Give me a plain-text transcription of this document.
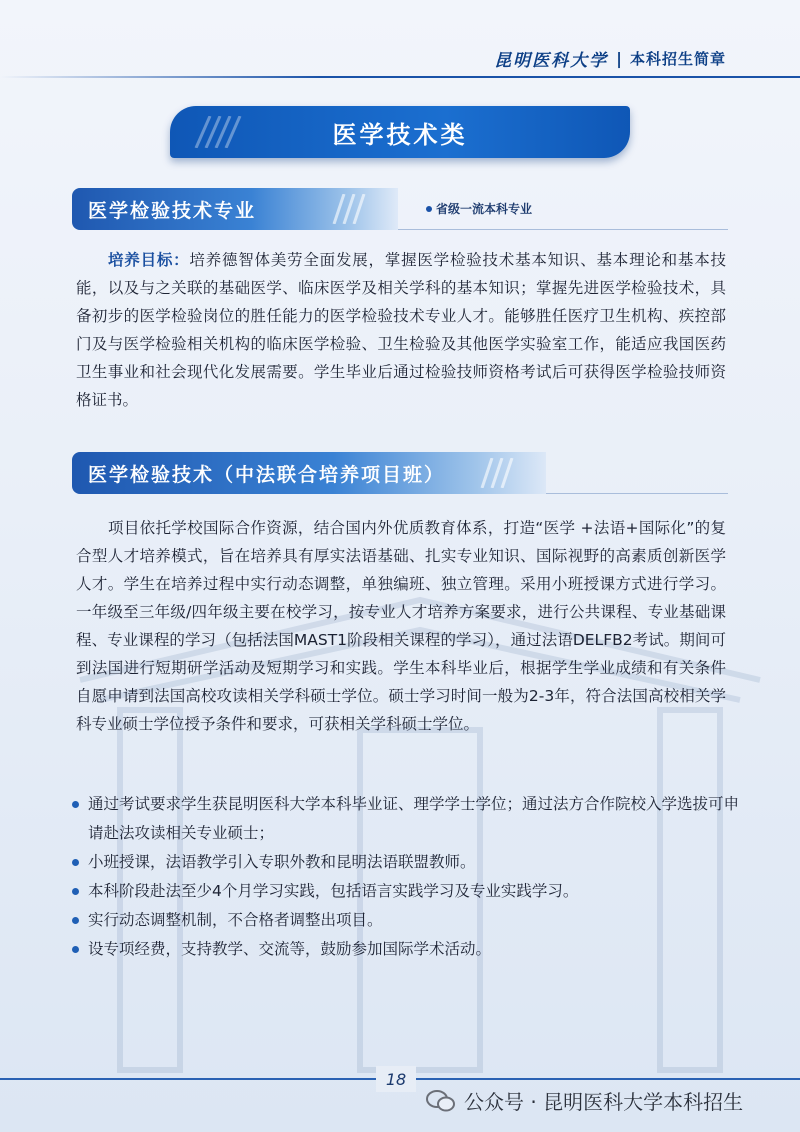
昆明医科大学 | 本科招生简章
医学技术类
医学检验技术专业	省级一流本科专业
培养目标：培养德智体美劳全面发展，掌握医学检验技术基本知识、基本理论和基本技能，以及与之关联的基础医学、临床医学及相关学科的基本知识；掌握先进医学检验技术，具备初步的医学检验岗位的胜任能力的医学检验技术专业人才。能够胜任医疗卫生机构、疾控部门及与医学检验相关机构的临床医学检验、卫生检验及其他医学实验室工作，能适应我国医药卫生事业和社会现代化发展需要。学生毕业后通过检验技师资格考试后可获得医学检验技师资格证书。
医学检验技术（中法联合培养项目班）
项目依托学校国际合作资源，结合国内外优质教育体系，打造“医学 +法语+国际化”的复合型人才培养模式，旨在培养具有厚实法语基础、扎实专业知识、国际视野的高素质创新医学人才。学生在培养过程中实行动态调整，单独编班、独立管理。采用小班授课方式进行学习。一年级至三年级/四年级主要在校学习，按专业人才培养方案要求，进行公共课程、专业基础课程、专业课程的学习（包括法国MAST1阶段相关课程的学习），通过法语DELFB2考试。期间可到法国进行短期研学活动及短期学习和实践。学生本科毕业后，根据学生学业成绩和有关条件自愿申请到法国高校攻读相关学科硕士学位。硕士学习时间一般为2-3年，符合法国高校相关学科专业硕士学位授予条件和要求，可获相关学科硕士学位。
通过考试要求学生获昆明医科大学本科毕业证、理学学士学位；通过法方合作院校入学选拔可申请赴法攻读相关专业硕士；
小班授课，法语教学引入专职外教和昆明法语联盟教师。
本科阶段赴法至少4个月学习实践，包括语言实践学习及专业实践学习。
实行动态调整机制，不合格者调整出项目。
设专项经费，支持教学、交流等，鼓励参加国际学术活动。
18
公众号 · 昆明医科大学本科招生
